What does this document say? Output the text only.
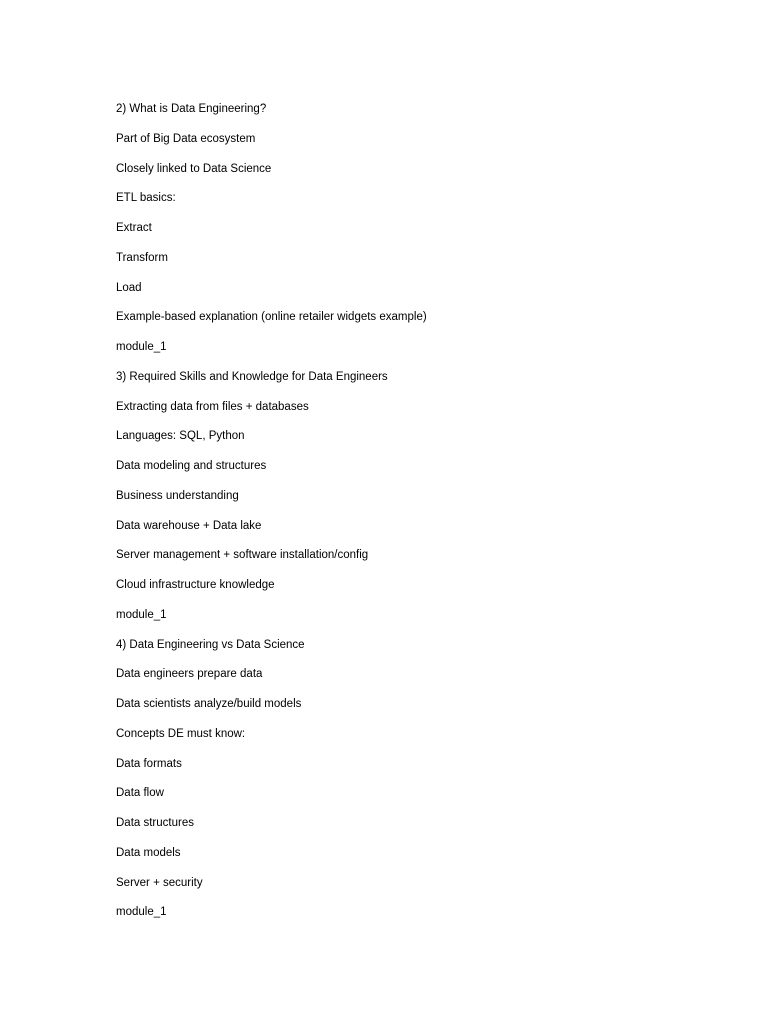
2) What is Data Engineering?
Part of Big Data ecosystem
Closely linked to Data Science
ETL basics:
Extract
Transform
Load
Example-based explanation (online retailer widgets example)
module_1
3) Required Skills and Knowledge for Data Engineers
Extracting data from files + databases
Languages: SQL, Python
Data modeling and structures
Business understanding
Data warehouse + Data lake
Server management + software installation/config
Cloud infrastructure knowledge
module_1
4) Data Engineering vs Data Science
Data engineers prepare data
Data scientists analyze/build models
Concepts DE must know:
Data formats
Data flow
Data structures
Data models
Server + security
module_1
